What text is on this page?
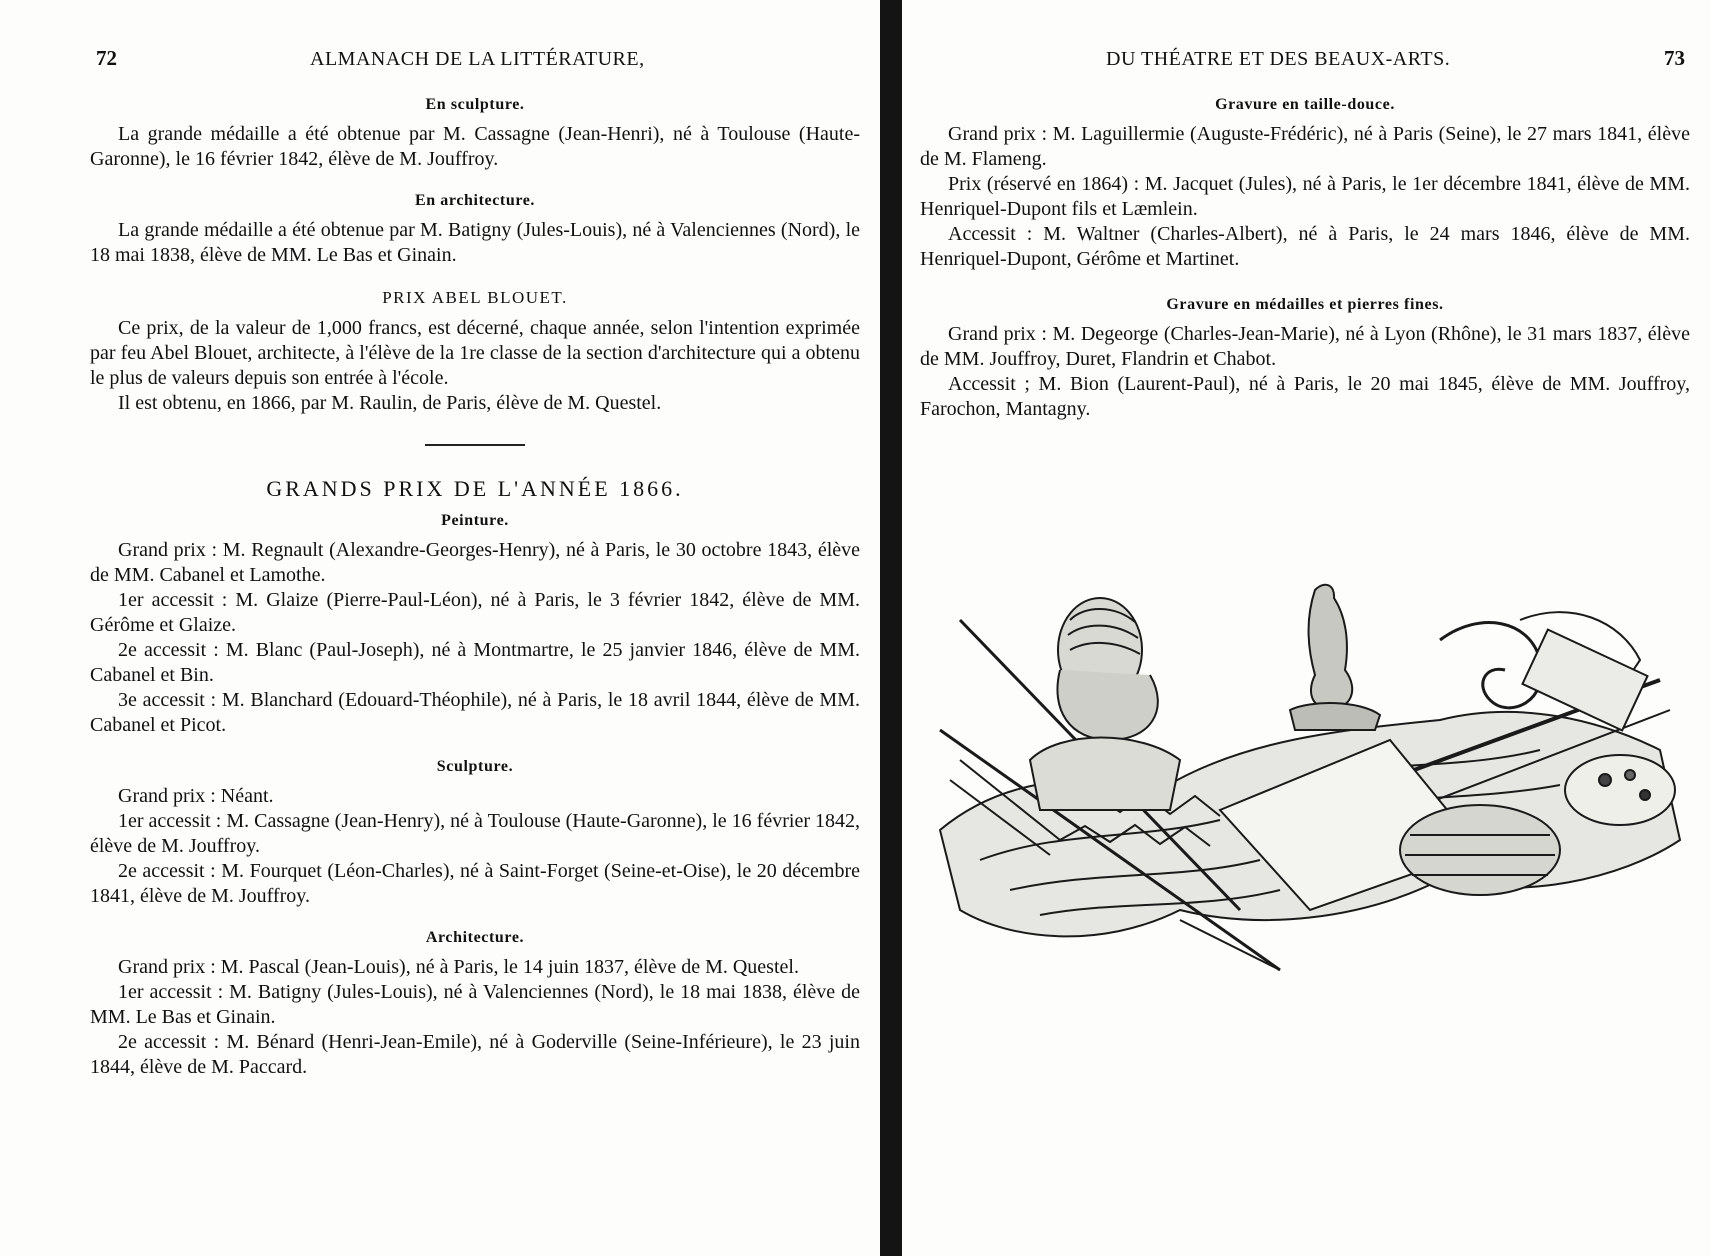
72	ALMANACH DE LA LITTÉRATURE,
En sculpture.

La grande médaille a été obtenue par M. Cassagne (Jean-Henri), né à Toulouse (Haute-Garonne), le 16 février 1842, élève de M. Jouffroy.

En architecture.

La grande médaille a été obtenue par M. Batigny (Jules-Louis), né à Valenciennes (Nord), le 18 mai 1838, élève de MM. Le Bas et Ginain.

PRIX ABEL BLOUET.

Ce prix, de la valeur de 1,000 francs, est décerné, chaque année, selon l'intention exprimée par feu Abel Blouet, architecte, à l'élève de la 1re classe de la section d'architecture qui a obtenu le plus de valeurs depuis son entrée à l'école.

Il est obtenu, en 1866, par M. Raulin, de Paris, élève de M. Questel.

GRANDS PRIX DE L'ANNÉE 1866.
Peinture.

Grand prix : M. Regnault (Alexandre-Georges-Henry), né à Paris, le 30 octobre 1843, élève de MM. Cabanel et Lamothe.

1er accessit : M. Glaize (Pierre-Paul-Léon), né à Paris, le 3 février 1842, élève de MM. Gérôme et Glaize.

2e accessit : M. Blanc (Paul-Joseph), né à Montmartre, le 25 janvier 1846, élève de MM. Cabanel et Bin.

3e accessit : M. Blanchard (Edouard-Théophile), né à Paris, le 18 avril 1844, élève de MM. Cabanel et Picot.

Sculpture.

Grand prix : Néant.

1er accessit : M. Cassagne (Jean-Henry), né à Toulouse (Haute-Garonne), le 16 février 1842, élève de M. Jouffroy.

2e accessit : M. Fourquet (Léon-Charles), né à Saint-Forget (Seine-et-Oise), le 20 décembre 1841, élève de M. Jouffroy.

Architecture.

Grand prix : M. Pascal (Jean-Louis), né à Paris, le 14 juin 1837, élève de M. Questel.

1er accessit : M. Batigny (Jules-Louis), né à Valenciennes (Nord), le 18 mai 1838, élève de MM. Le Bas et Ginain.

2e accessit : M. Bénard (Henri-Jean-Emile), né à Goderville (Seine-Inférieure), le 23 juin 1844, élève de M. Paccard.

DU THÉATRE ET DES BEAUX-ARTS.	73
Gravure en taille-douce.

Grand prix : M. Laguillermie (Auguste-Frédéric), né à Paris (Seine), le 27 mars 1841, élève de M. Flameng.

Prix (réservé en 1864) : M. Jacquet (Jules), né à Paris, le 1er décembre 1841, élève de MM. Henriquel-Dupont fils et Læmlein.

Accessit : M. Waltner (Charles-Albert), né à Paris, le 24 mars 1846, élève de MM. Henriquel-Dupont, Gérôme et Martinet.

Gravure en médailles et pierres fines.

Grand prix : M. Degeorge (Charles-Jean-Marie), né à Lyon (Rhône), le 31 mars 1837, élève de MM. Jouffroy, Duret, Flandrin et Chabot.

Accessit ; M. Bion (Laurent-Paul), né à Paris, le 20 mai 1845, élève de MM. Jouffroy, Farochon, Mantagny.
